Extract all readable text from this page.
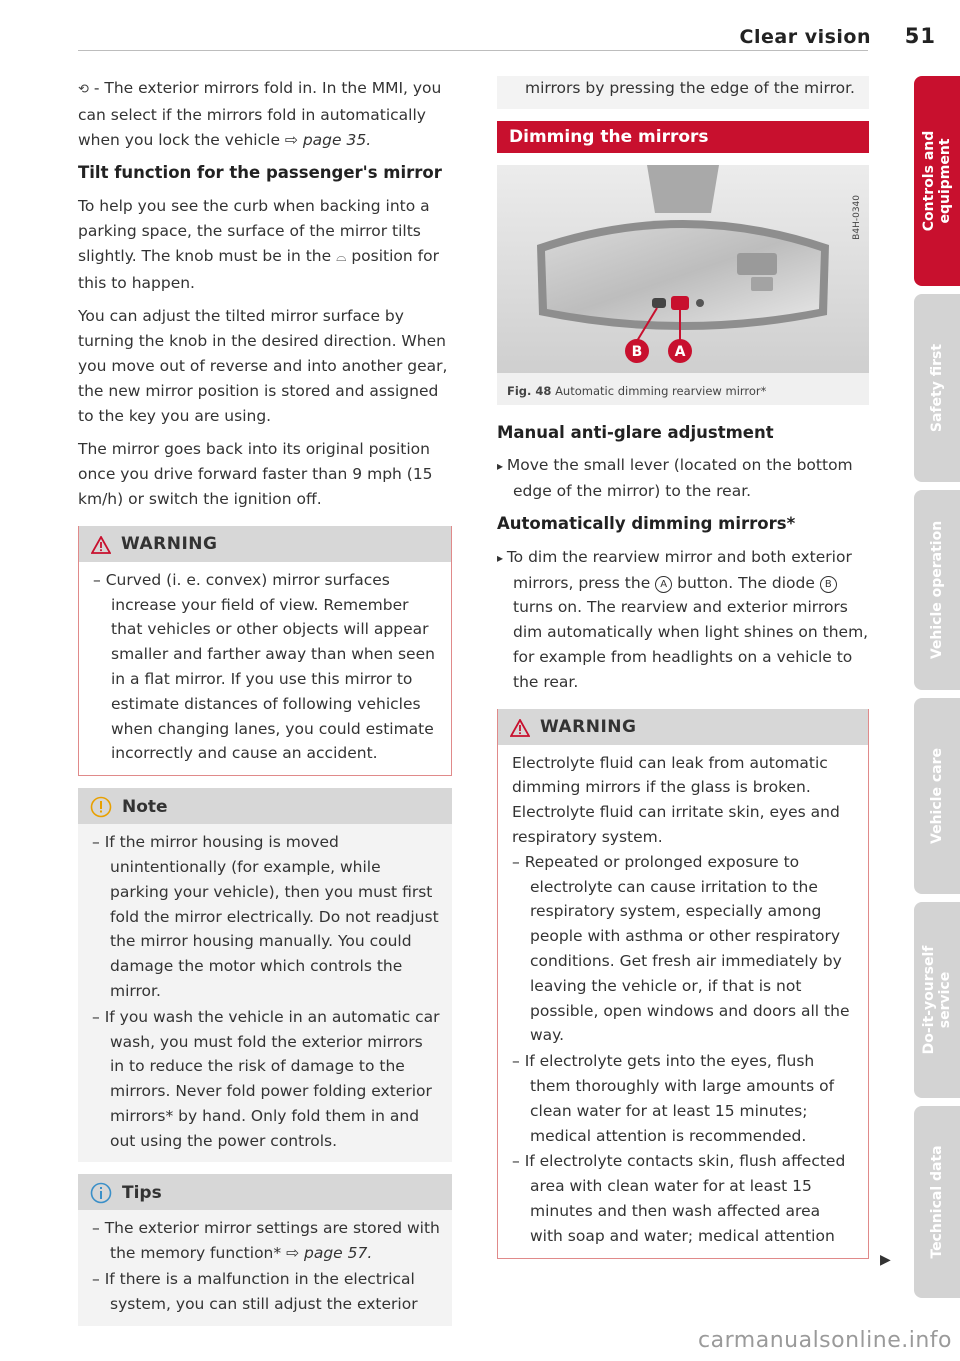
Clear vision 51

⟲ - The exterior mirrors fold in. In the MMI, you can select if the mirrors fold in automatically when you lock the vehicle ⇨ page 35.

Tilt function for the passenger's mirror

To help you see the curb when backing into a parking space, the surface of the mirror tilts slightly. The knob must be in the ⌓ position for this to happen.

You can adjust the tilted mirror surface by turning the knob in the desired direction. When you move out of reverse and into another gear, the new mirror position is stored and assigned to the key you are using.

The mirror goes back into its original position once you drive forward faster than 9 mph (15 km/h) or switch the ignition off.

WARNING
– Curved (i. e. convex) mirror surfaces increase your field of view. Remember that vehicles or other objects will appear smaller and farther away than when seen in a flat mirror. If you use this mirror to estimate distances of following vehicles when changing lanes, you could estimate incorrectly and cause an accident.
Note
– If the mirror housing is moved unintentionally (for example, while parking your vehicle), then you must first fold the mirror electrically. Do not readjust the mirror housing manually. You could damage the motor which controls the mirror.
– If you wash the vehicle in an automatic car wash, you must fold the exterior mirrors in to reduce the risk of damage to the mirrors. Never fold power folding exterior mirrors* by hand. Only fold them in and out using the power controls.
Tips
– The exterior mirror settings are stored with the memory function* ⇨ page 57.
– If there is a malfunction in the electrical system, you can still adjust the exterior
mirrors by pressing the edge of the mirror.
Dimming the mirrors
B A
B4H-0340
Fig. 48 Automatic dimming rearview mirror*
Manual anti-glare adjustment
▸ Move the small lever (located on the bottom edge of the mirror) to the rear.
Automatically dimming mirrors*
▸ To dim the rearview mirror and both exterior mirrors, press the A button. The diode B turns on. The rearview and exterior mirrors dim automatically when light shines on them, for example from headlights on a vehicle to the rear.
WARNING
Electrolyte fluid can leak from automatic dimming mirrors if the glass is broken. Electrolyte fluid can irritate skin, eyes and respiratory system.
– Repeated or prolonged exposure to electrolyte can cause irritation to the respiratory system, especially among people with asthma or other respiratory conditions. Get fresh air immediately by leaving the vehicle or, if that is not possible, open windows and doors all the way.
– If electrolyte gets into the eyes, flush them thoroughly with large amounts of clean water for at least 15 minutes; medical attention is recommended.
– If electrolyte contacts skin, flush affected area with clean water for at least 15 minutes and then wash affected area with soap and water; medical attention
▶
Controls and equipment
Safety first
Vehicle operation
Vehicle care
Do-it-yourself service
Technical data
carmanualsonline.info
